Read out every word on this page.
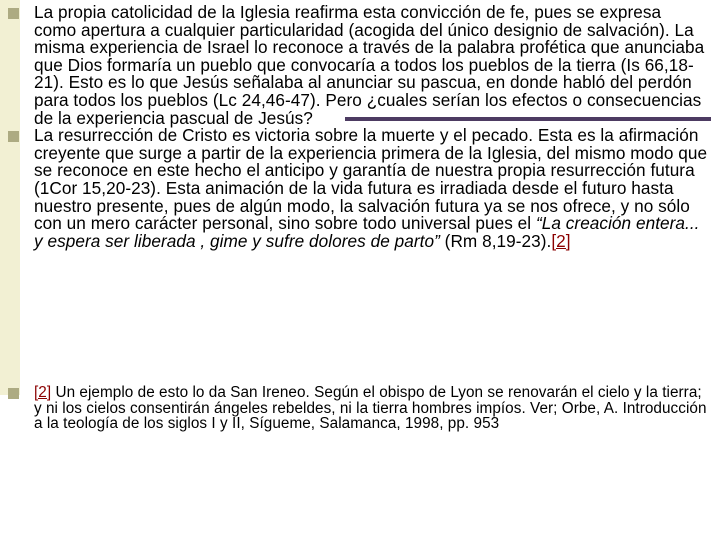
La propia catolicidad de la Iglesia reafirma esta convicción de fe, pues se expresa como apertura a cualquier particularidad (acogida del único designio de salvación). La misma experiencia de Israel lo reconoce a través de la palabra profética que anunciaba que Dios formaría un pueblo que convocaría a todos los pueblos de la tierra (Is 66,18-21). Esto es lo que Jesús señalaba al anunciar su pascua, en donde habló del perdón para todos los pueblos (Lc 24,46-47). Pero ¿cuales serían los efectos o consecuencias de la experiencia pascual de Jesús?
La resurrección de Cristo es victoria sobre la muerte y el pecado. Esta es la afirmación creyente que surge a partir de la experiencia primera de la Iglesia, del mismo modo que se reconoce en este hecho el anticipo y garantía de nuestra propia resurrección futura (1Cor 15,20-23). Esta animación de la vida futura es irradiada desde el futuro hasta nuestro presente, pues de algún modo, la salvación futura ya se nos ofrece, y no sólo con un mero carácter personal, sino sobre todo universal pues el “La creación entera... y espera ser liberada , gime y sufre dolores de parto” (Rm 8,19-23).[2]
[2] Un ejemplo de esto lo da San Ireneo. Según el obispo de Lyon se renovarán el cielo y la tierra; y ni los cielos consentirán ángeles rebeldes, ni la tierra hombres impíos. Ver; Orbe, A. Introducción a la teología de los siglos I y II, Sígueme, Salamanca, 1998, pp. 953
